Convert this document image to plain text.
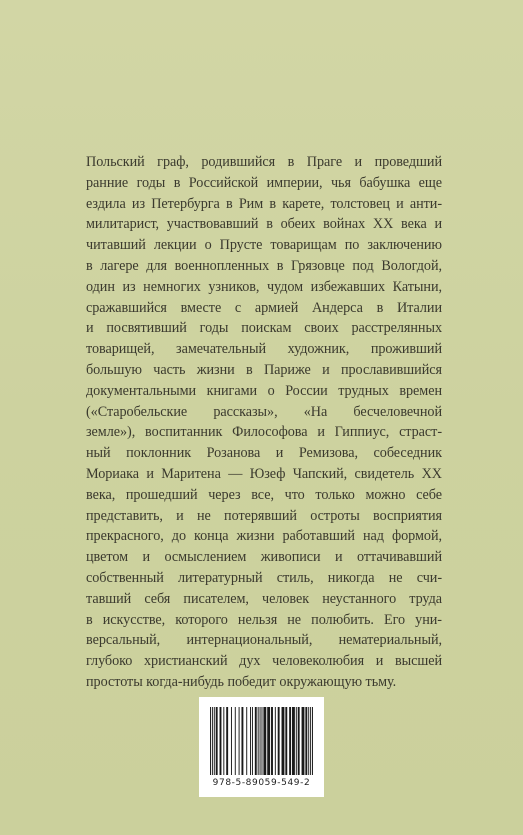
Польский граф, родившийся в Праге и проведший
ранние годы в Российской империи, чья бабушка еще
ездила из Петербурга в Рим в карете, толстовец и анти-
милитарист, участвовавший в обеих войнах XX века и
читавший лекции о Прусте товарищам по заключению
в лагере для военнопленных в Грязовце под Вологдой,
один из немногих узников, чудом избежавших Катыни,
сражавшийся вместе с армией Андерса в Италии
и посвятивший годы поискам своих расстрелянных
товарищей, замечательный художник, проживший
большую часть жизни в Париже и прославившийся
документальными книгами о России трудных времен
(«Старобельские рассказы», «На бесчеловечной
земле»), воспитанник Философова и Гиппиус, страст-
ный поклонник Розанова и Ремизова, собеседник
Мориака и Маритена — Юзеф Чапский, свидетель XX
века, прошедший через все, что только можно себе
представить, и не потерявший остроты восприятия
прекрасного, до конца жизни работавший над формой,
цветом и осмыслением живописи и оттачивавший
собственный литературный стиль, никогда не счи-
тавший себя писателем, человек неустанного труда
в искусстве, которого нельзя не полюбить. Его уни-
версальный, интернациональный, нематериальный,
глубоко христианский дух человеколюбия и высшей
простоты когда-нибудь победит окружающую тьму.
978-5-89059-549-2
